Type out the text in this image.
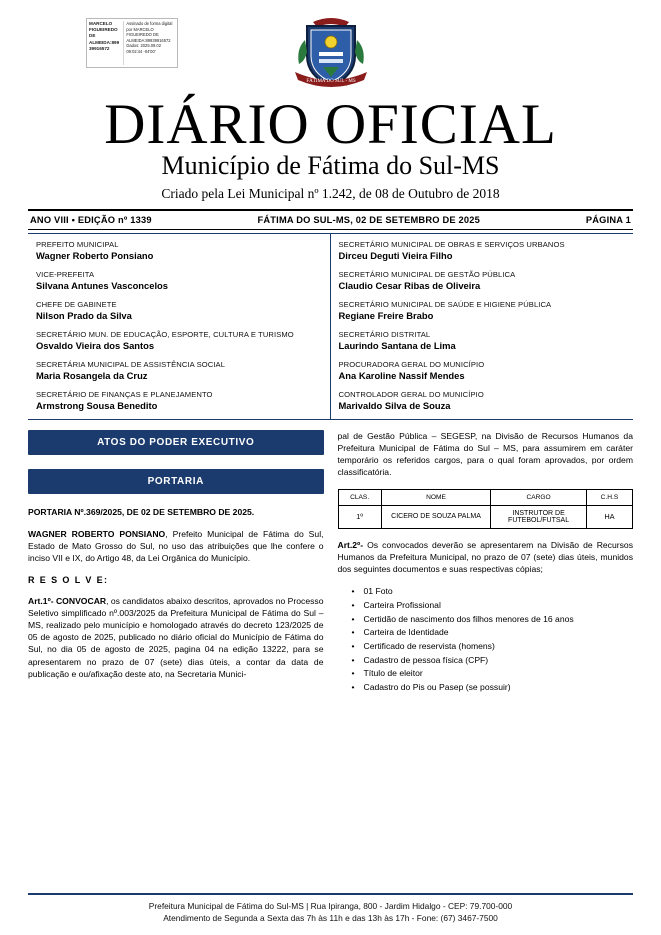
MARCELO FIGUEIREDO DE ALMEIDA:899 39916572
Assinado de forma digital por MARCELO FIGUEIREDO DE ALMEIDA:89939916572 Dados: 2025.09.02 09:02:44 -04'00'
FÁTIMA DO SUL - MS
DIÁRIO OFICIAL
Município de Fátima do Sul-MS
Criado pela Lei Municipal nº 1.242, de 08 de Outubro de 2018
ANO VIII • EDIÇÃO nº 1339	FÁTIMA DO SUL-MS, 02 DE SETEMBRO DE 2025	PÁGINA 1
PREFEITO MUNICIPAL
Wagner Roberto Ponsiano
VICE-PREFEITA
Silvana Antunes Vasconcelos
CHEFE DE GABINETE
Nilson Prado da Silva
SECRETÁRIO MUN. DE EDUCAÇÃO, ESPORTE, CULTURA E TURISMO
Osvaldo Vieira dos Santos
SECRETÁRIA MUNICIPAL DE ASSISTÊNCIA SOCIAL
Maria Rosangela da Cruz
SECRETÁRIO DE FINANÇAS E PLANEJAMENTO
Armstrong Sousa Benedito
SECRETÁRIO MUNICIPAL DE OBRAS E SERVIÇOS URBANOS
Dirceu Deguti Vieira Filho
SECRETÁRIO MUNICIPAL DE GESTÃO PÚBLICA
Claudio Cesar Ribas de Oliveira
SECRETÁRIO MUNICIPAL DE SAÚDE E HIGIENE PÚBLICA
Regiane Freire Brabo
SECRETÁRIO DISTRITAL
Laurindo Santana de Lima
PROCURADORA GERAL DO MUNICÍPIO
Ana Karoline Nassif Mendes
CONTROLADOR GERAL DO MUNICÍPIO
Marivaldo Silva de Souza
ATOS DO PODER EXECUTIVO
PORTARIA

PORTARIA Nº.369/2025, DE 02 DE SETEMBRO DE 2025.

WAGNER ROBERTO PONSIANO, Prefeito Municipal de Fátima do Sul, Estado de Mato Grosso do Sul, no uso das atribuições que lhe confere o inciso VII e IX, do Artigo 48, da Lei Orgânica do Município.

R E S O L V E:

Art.1º- CONVOCAR, os candidatos abaixo descritos, aprovados no Processo Seletivo simplificado nº.003/2025 da Prefeitura Municipal de Fátima do Sul – MS, realizado pelo município e homologado através do decreto 123/2025 de 05 de agosto de 2025, publicado no diário oficial do Município de Fátima do Sul, no dia 05 de agosto de 2025, pagina 04 na edição 13222, para se apresentarem no prazo de 07 (sete) dias úteis, a contar da data de publicação e ou/afixação deste ato, na Secretaria Munici-

pal de Gestão Pública – SEGESP, na Divisão de Recursos Humanos da Prefeitura Municipal de Fátima do Sul – MS, para assumirem em caráter temporário os referidos cargos, para o qual foram aprovados, por ordem classificatória.

CLAS.	NOME	CARGO	C.H.S
1º	CICERO DE SOUZA PALMA	INSTRUTOR DE FUTEBOL/FUTSAL	HA

Art.2º- Os convocados deverão se apresentarem na Divisão de Recursos Humanos da Prefeitura Municipal, no prazo de 07 (sete) dias úteis, munidos dos seguintes documentos e suas respectivas cópias;

• 01 Foto
• Carteira Profissional
• Certidão de nascimento dos filhos menores de 16 anos
• Carteira de Identidade
• Certificado de reservista (homens)
• Cadastro de pessoa física (CPF)
• Título de eleitor
• Cadastro do Pis ou Pasep (se possuir)
Prefeitura Municipal de Fátima do Sul-MS | Rua Ipiranga, 800 - Jardim Hidalgo - CEP: 79.700-000
Atendimento de Segunda a Sexta das 7h às 11h e das 13h às 17h - Fone: (67) 3467-7500
